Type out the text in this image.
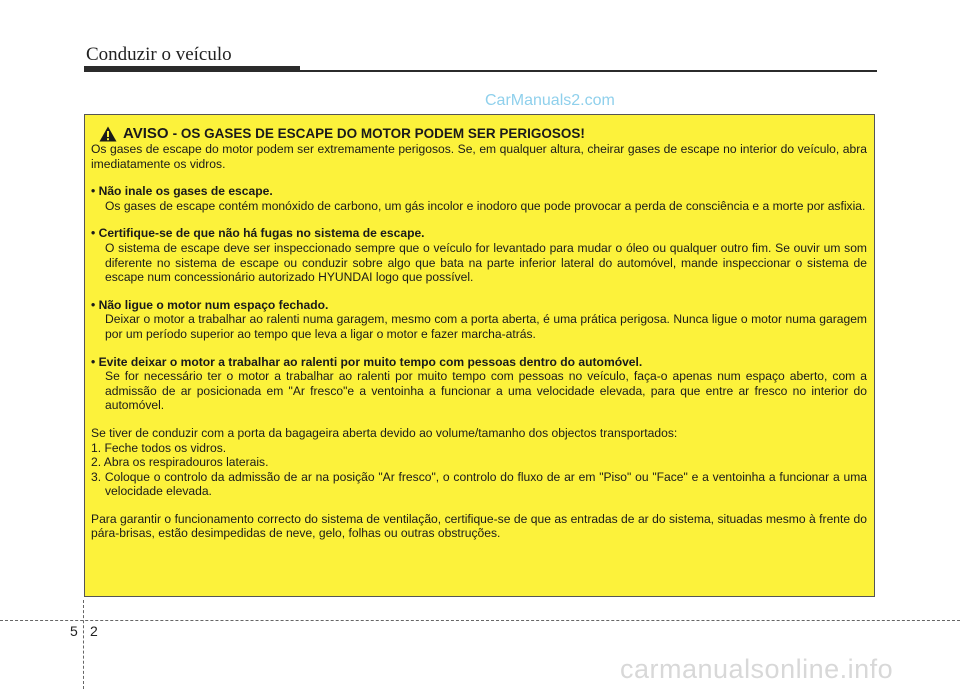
Conduzir o veículo
CarManuals2.com
AVISO - OS GASES DE ESCAPE DO MOTOR PODEM SER PERIGOSOS!

Os gases de escape do motor podem ser extremamente perigosos. Se, em qualquer altura, cheirar gases de escape no interior do veículo, abra imediatamente os vidros.

• Não inale os gases de escape.

Os gases de escape contém monóxido de carbono, um gás incolor e inodoro que pode provocar a perda de consciência e a morte por asfixia.

• Certifique-se de que não há fugas no sistema de escape.

O sistema de escape deve ser inspeccionado sempre que o veículo for levantado para mudar o óleo ou qualquer outro fim. Se ouvir um som diferente no sistema de escape ou conduzir sobre algo que bata na parte inferior lateral do automóvel, mande inspeccionar o sistema de escape num concessionário autorizado HYUNDAI logo que possível.

• Não ligue o motor num espaço fechado.

Deixar o motor a trabalhar ao ralenti numa garagem, mesmo com a porta aberta, é uma prática perigosa. Nunca ligue o motor numa garagem por um período superior ao tempo que leva a ligar o motor e fazer marcha-atrás.

• Evite deixar o motor a trabalhar ao ralenti por muito tempo com pessoas dentro do automóvel.

Se for necessário ter o motor a trabalhar ao ralenti por muito tempo com pessoas no veículo, faça-o apenas num espaço aberto, com a admissão de ar posicionada em "Ar fresco"e a ventoinha a funcionar a uma velocidade elevada, para que entre ar fresco no interior do automóvel.

Se tiver de conduzir com a porta da bagageira aberta devido ao volume/tamanho dos objectos transportados:

1. Feche todos os vidros.

2. Abra os respiradouros laterais.

3. Coloque o controlo da admissão de ar na posição "Ar fresco", o controlo do fluxo de ar em "Piso" ou "Face" e a ventoinha a funcionar a uma velocidade elevada.

Para garantir o funcionamento correcto do sistema de ventilação, certifique-se de que as entradas de ar do sistema, situadas mesmo à frente do pára-brisas, estão desimpedidas de neve, gelo, folhas ou outras obstruções.

5 2
carmanualsonline.info
